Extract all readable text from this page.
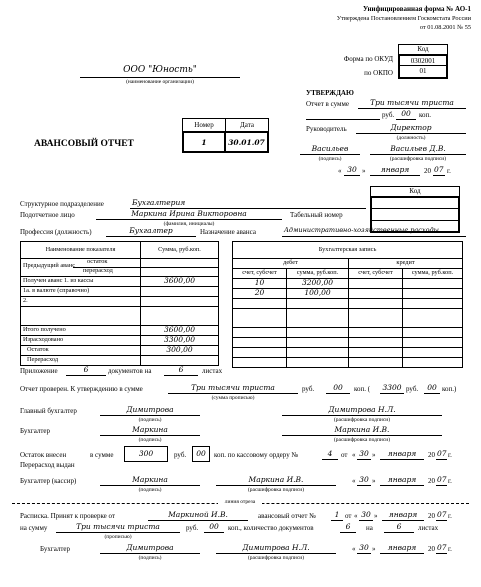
Унифицированная форма № АО-1
Утверждена Постановлением Госкомстата России
от 01.08.2001 № 55
Код
Форма по ОКУД	0302001
по ОКПО	01
ООО "Юность"
(наименование организации)
УТВЕРЖДАЮ
Отчет в сумме	Три тысячи триста
руб. 00	коп.
Руководитель	Директор
(должность)
Васильев
(подпись)
Васильев Д.В.
(расшифровка подписи)
« 30 »	января	20 07 г.
АВАНСОВЫЙ ОТЧЕТ
Номер	Дата
1	30.01.07
Код
Структурное подразделение	Бухгалтерия
Подотчетное лицо	Маркина Ирина Викторовна
(фамилия, инициалы)
Табельный номер
Профессия (должность)	Бухгалтер	Назначение аванса	Административно-хозяйственные расходы
Наименование показателя	Сумма, руб.коп.

Предыдущий аванс
остаток
перерасход	

Получен аванс 1. из кассы	3600,00
1а. в валюте (справочно)	
2.	

Итого получено	3600,00
Израсходовано	3300,00
Остаток	300,00
Перерасход	
Бухгалтерская запись			
дебет		кредит	
счет, субсчет	сумма, руб.коп.	счет, субсчет	сумма, руб.коп.
10	3200,00		
20	100,00		

Приложение	6	документов на	6	листах
Отчет проверен. К утверждению в сумме	Три тысячи триста
(сумма прописью)
руб.	00	коп. (	3300 руб.	00 коп.)
Главный бухгалтер	Димитрова
(подпись)
Димитрова Н.Л.
(расшифровка подписи)
Бухгалтер	Маркина
(подпись)
Маркина И.В.
(расшифровка подписи)
Остаток внесен
Перерасход выдан
в сумме	300	руб.	00	коп. по кассовому ордеру №	4	от « 30 »	января	20 07 г.
Бухгалтер (кассир)	Маркина
(подпись)
Маркина И.В.
(расшифровка подписи)
« 30 »	января	20 07 г.
линия отреза
Расписка. Принят к проверке от	Маркиной И.В.	авансовый отчет №	1 от « 30 »	января	20 07 г.
на сумму	Три тысячи триста
(прописью)
руб.	00	коп., количество документов	6	на	6	листах
Бухгалтер	Димитрова
(подпись)
Димитрова Н.Л.
(расшифровка подписи)
« 30 »	января	20 07 г.
